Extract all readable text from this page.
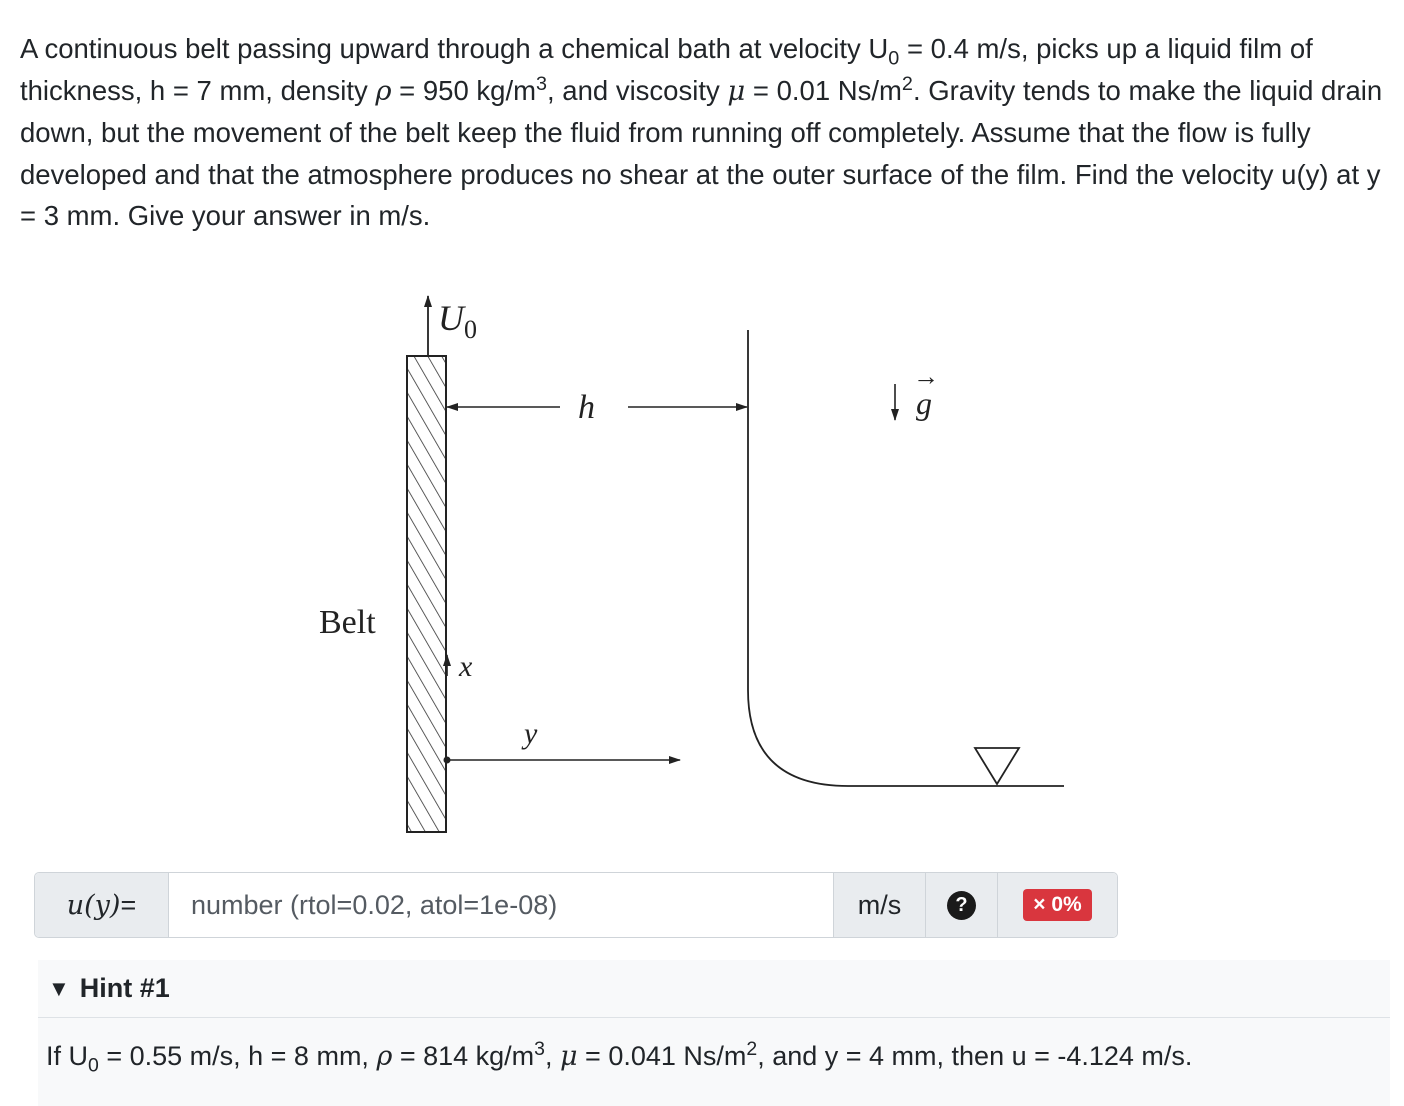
A continuous belt passing upward through a chemical bath at velocity $U_0 = 0.4$ m/s, picks up a liquid film of thickness, h = 7 mm, density ρ = 950 $kg/m^3$, and viscosity μ = 0.01 $Ns/m^2$. Gravity tends to make the liquid drain down, but the movement of the belt keep the fluid from running off completely. Assume that the flow is fully developed and that the atmosphere produces no shear at the outer surface of the film. Find the velocity u(y) at y = 3 mm. Give your answer in m/s.

$U_0$
h	g
→
Belt
x
y
u(y) =
number (rtol=0.02, atol=1e-08)	m/s	?	× 0%
▼ Hint #1
If $U_0 = 0.55$ m/s, h = 8 mm, ρ = 814 $kg/m^3$, μ = 0.041 $Ns/m^2$, and y = 4 mm, then u = -4.124 m/s.
